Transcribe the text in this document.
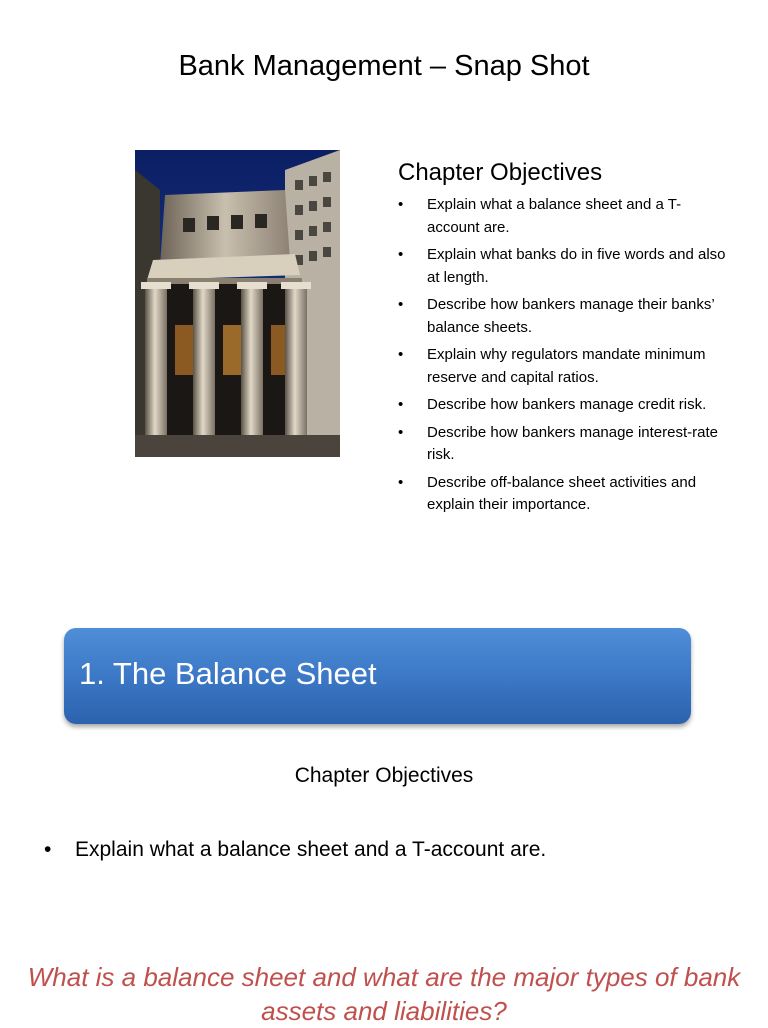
Bank Management – Snap Shot
Chapter Objectives
• Explain what a balance sheet and a T-account are.
• Explain what banks do in five words and also at length.
• Describe how bankers manage their banks’ balance sheets.
• Explain why regulators mandate minimum reserve and capital ratios.
• Describe how bankers manage credit risk.
• Describe how bankers manage interest-rate risk.
• Describe off-balance sheet activities and explain their importance.
1. The Balance Sheet
Chapter Objectives
• Explain what a balance sheet and a T-account are.
What is a balance sheet and what are the major types of bank assets and liabilities?
